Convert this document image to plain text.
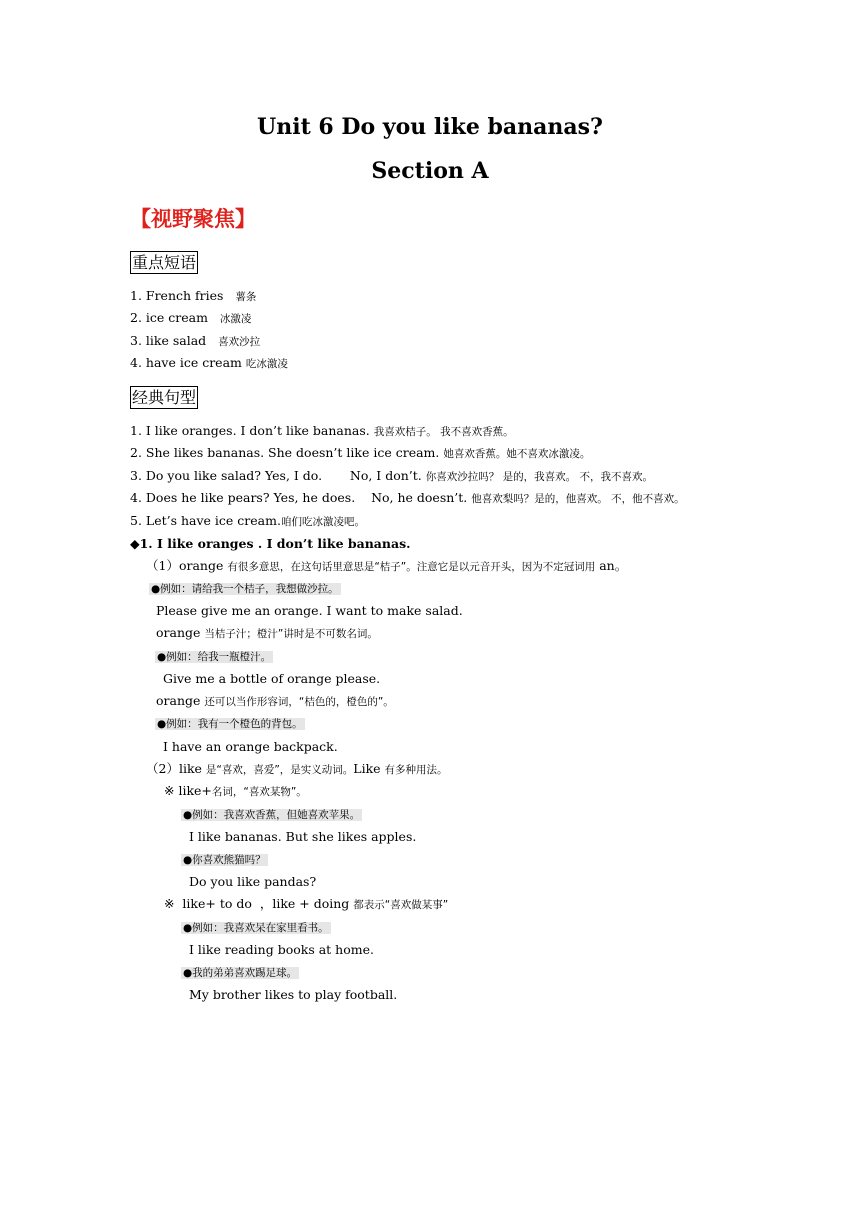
Unit 6 Do you like bananas?
Section A
【视野聚焦】
重点短语
1. French fries 薯条
2. ice cream 冰激凌
3. like salad 喜欢沙拉
4. have ice cream 吃冰激凌
经典句型
1. I like oranges. I don’t like bananas. 我喜欢桔子。 我不喜欢香蕉。
2. She likes bananas. She doesn’t like ice cream. 她喜欢香蕉。她不喜欢冰激凌。
3. Do you like salad? Yes, I do.       No, I don’t. 你喜欢沙拉吗？ 是的，我喜欢。 不，我不喜欢。
4. Does he like pears? Yes, he does.    No, he doesn’t. 他喜欢梨吗？是的，他喜欢。 不，他不喜欢。
5. Let’s have ice cream.咱们吃冰激凌吧。

◆1. I like oranges . I don’t like bananas.

（1）orange 有很多意思，在这句话里意思是“桔子”。注意它是以元音开头，因为不定冠词用 an。

●例如：请给我一个桔子，我想做沙拉。

Please give me an orange. I want to make salad.

orange 当桔子汁；橙汁”讲时是不可数名词。

●例如：给我一瓶橙汁。

Give me a bottle of orange please.

orange 还可以当作形容词，“桔色的，橙色的”。

●例如：我有一个橙色的背包。

I have an orange backpack.

（2）like 是“喜欢，喜爱”，是实义动词。Like 有多种用法。

※ like+名词，“喜欢某物”。

●例如：我喜欢香蕉，但她喜欢苹果。

I like bananas. But she likes apples.

●你喜欢熊猫吗？

Do you like pandas?

※  like+ to do  ，like + doing 都表示“喜欢做某事”

●例如：我喜欢呆在家里看书。

I like reading books at home.

●我的弟弟喜欢踢足球。

My brother likes to play football.
